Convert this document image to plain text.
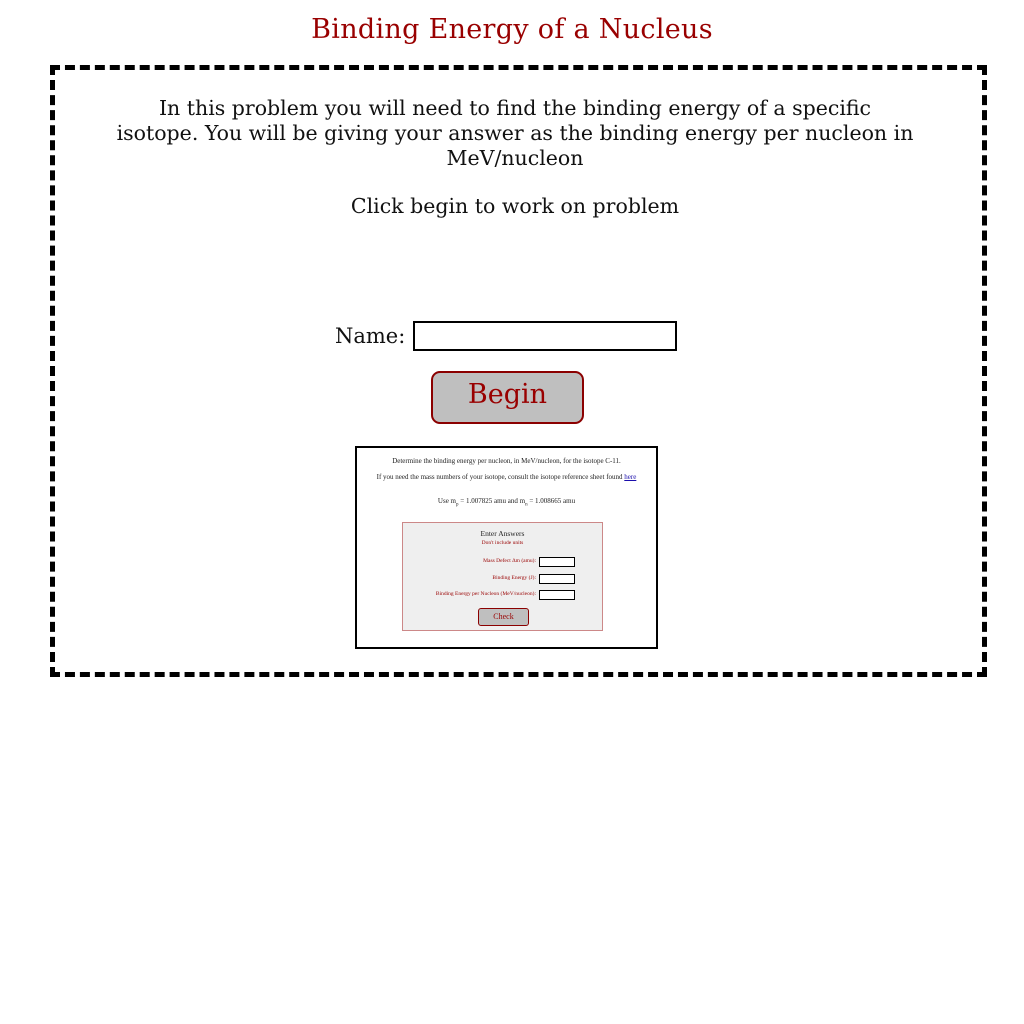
Binding Energy of a Nucleus
In this problem you will need to find the binding energy of a specific isotope. You will be giving your answer as the binding energy per nucleon in MeV/nucleon
Click begin to work on problem
Name:
Begin
Determine the binding energy per nucleon, in MeV/nucleon, for the isotope C-11.
If you need the mass numbers of your isotope, consult the isotope reference sheet found here
Use $m_p = 1.007825$ amu and $m_n = 1.008665$ amu
Enter Answers
Don't include units
Mass Defect Δm (amu):
Binding Energy (J):
Binding Energy per Nucleon (MeV/nucleon):
Check
